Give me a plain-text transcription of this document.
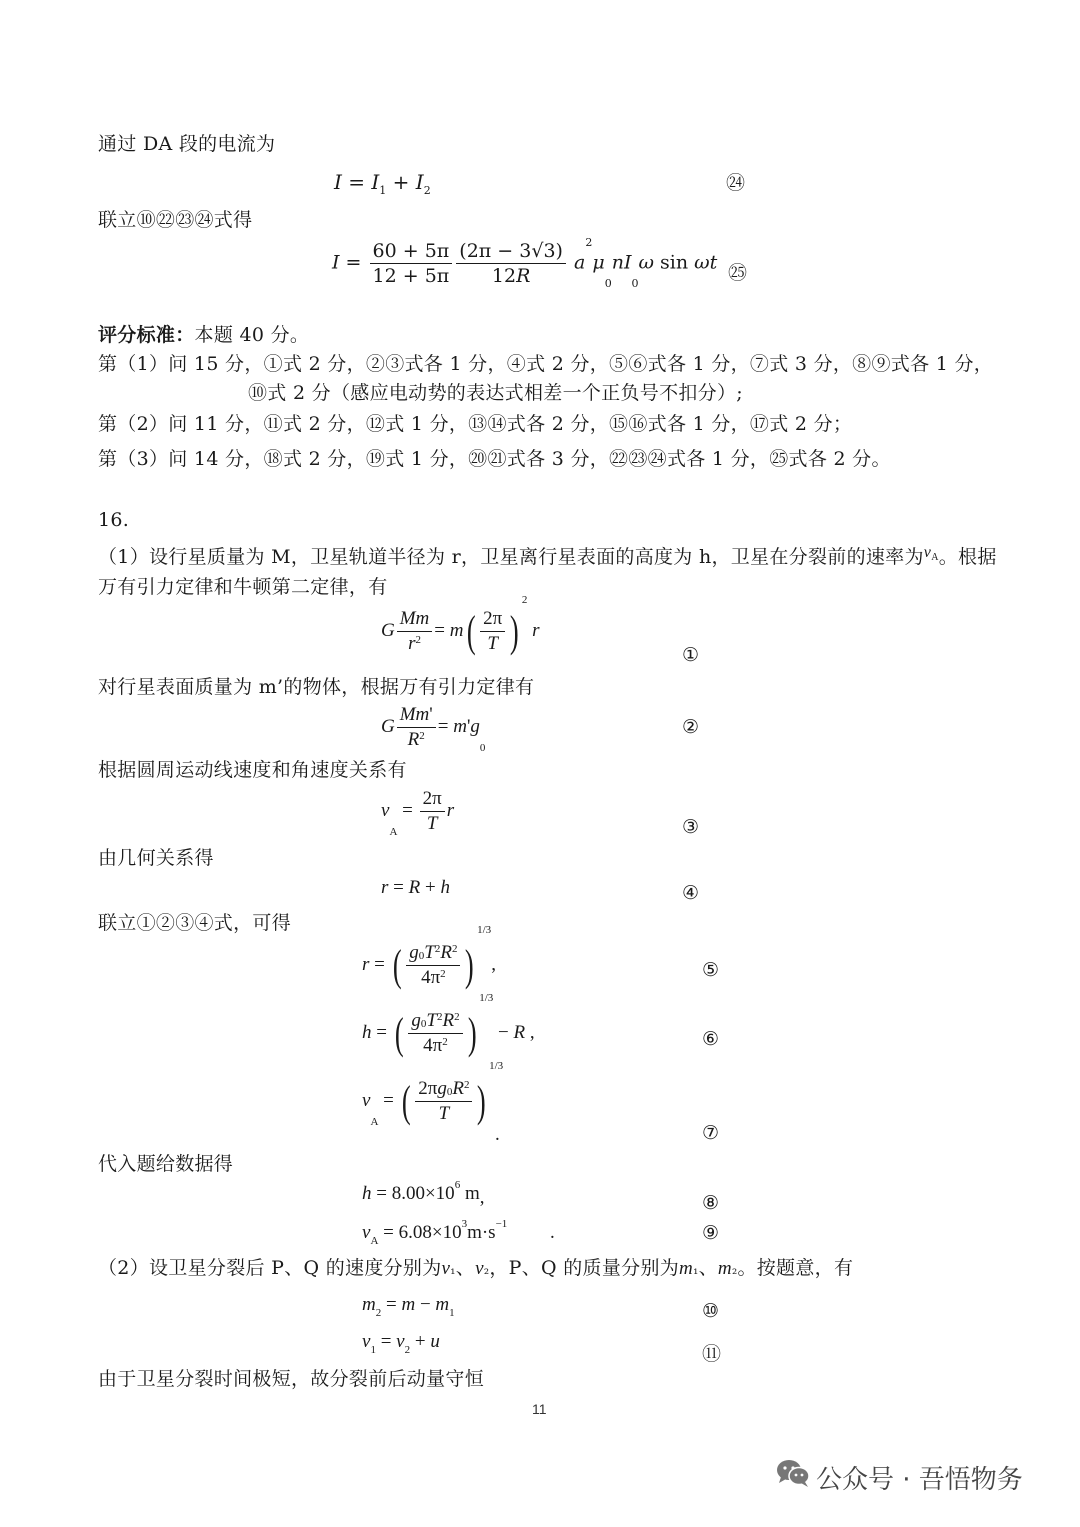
通过 DA 段的电流为
$I = I_1 + I_2$	㉔
联立⑩㉒㉓㉔式得
$I = \frac{60 + 5\pi}{12 + 5\pi} \frac{(2\pi - 3√3)}{12R} a^2\mu_0nI_0\omega$ sin ωt ㉕
评分标准：本题 40 分。
第（1）问 15 分，①式 2 分，②③式各 1 分，④式 2 分，⑤⑥式各 1 分，⑦式 3 分，⑧⑨式各 1 分，
⑩式 2 分（感应电动势的表达式相差一个正负号不扣分）;
第（2）问 11 分，⑪式 2 分，⑫式 1 分，⑬⑭式各 2 分，⑮⑯式各 1 分，⑰式 2 分；
第（3）问 14 分，⑱式 2 分，⑲式 1 分，⑳㉑式各 3 分，㉒㉓㉔式各 1 分，㉕式各 2 分。
16.
（1）设行星质量为 M，卫星轨道半径为 r，卫星离行星表面的高度为 h，卫星在分裂前的速率为$^v$A。根据
万有引力定律和牛顿第二定律，有
G $\frac{Mm}{r^2} = m( \frac{2\pi}{T} )^2$ r
①
对行星表面质量为 m’的物体，根据万有引力定律有
G $\frac{Mm'}{R^2} = m'g_0$
②
根据圆周运动线速度和角速度关系有
$v_A = \frac{2\pi}{T}$ r
③
由几何关系得
r = R + h	④
联立①②③④式，可得
r = ( $\frac{g_0T^2R^2}{4\pi^2} )^{1/3}$,	⑤
h = ( $\frac{g_0T^2R^2}{4\pi^2} )^{1/3} - R$ ,	⑥
$v_A$ = ( $\frac{2\pi g_0R^2}{T} )^{1/3}$
.	⑦
代入题给数据得
$h = 8.00\times 10^6$ m,	⑧
$v_A = 6.08\times 10^3m\cdot s^{-1}$ .	⑨
（2）设卫星分裂后 P、Q 的速度分别为v₁、v₂，P、Q 的质量分别为m₁、m₂。按题意，有
$m_2 = m - m_1$	⑩
$v_1 = v_2 + u$
⑪
由于卫星分裂时间极短，故分裂前后动量守恒
11
公众号 · 吾悟物务
